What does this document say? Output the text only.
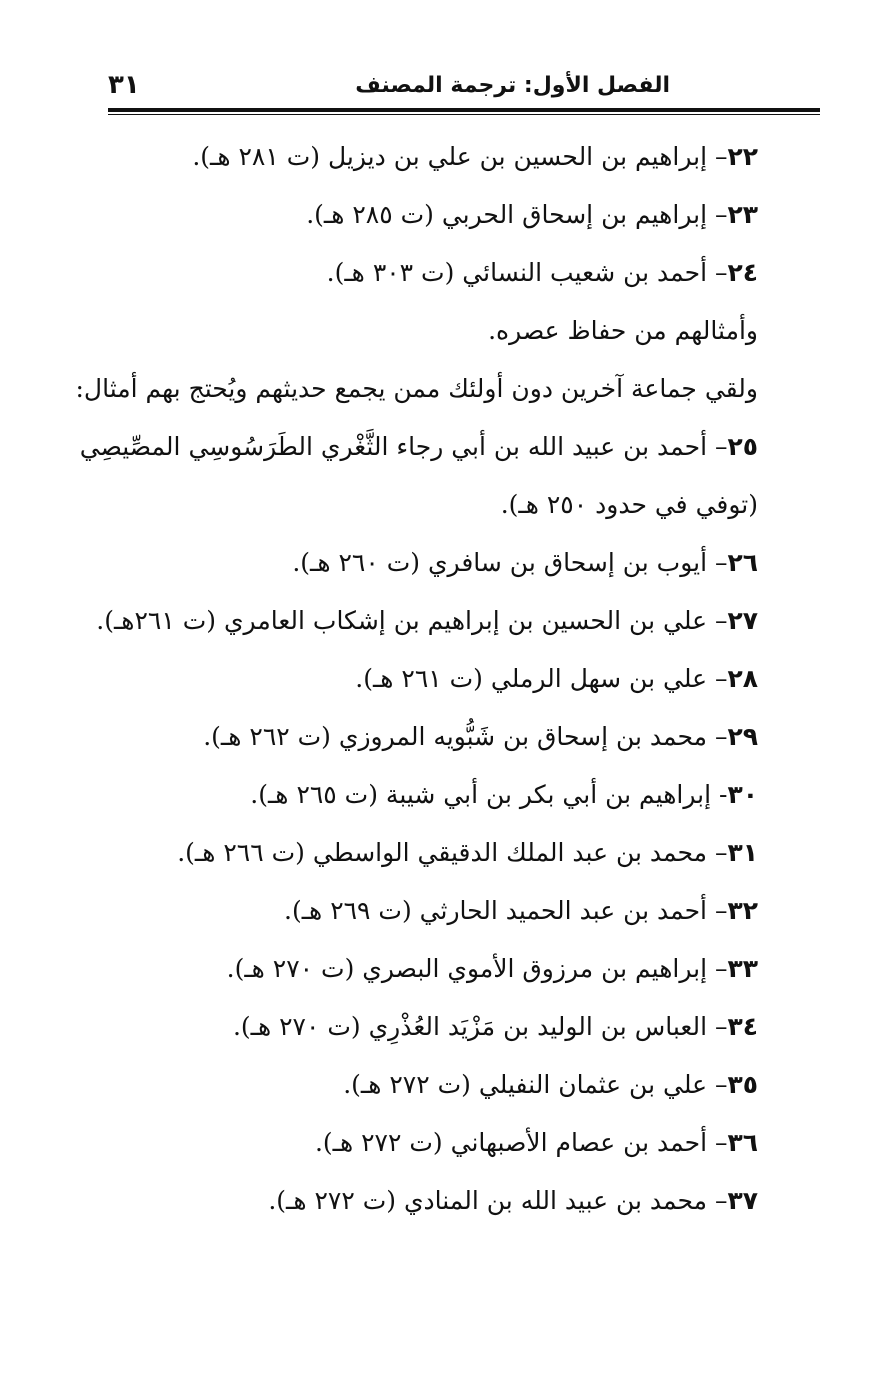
الفصل الأول: ترجمة المصنف
٣١
٢٢– إبراهيم بن الحسين بن علي بن ديزيل (ت ٢٨١ هـ).
٢٣– إبراهيم بن إسحاق الحربي (ت ٢٨٥ هـ).
٢٤– أحمد بن شعيب النسائي (ت ٣٠٣ هـ).
وأمثالهم من حفاظ عصره.
ولقي جماعة آخرين دون أولئك ممن يجمع حديثهم ويُحتج بهم أمثال:
٢٥– أحمد بن عبيد الله بن أبي رجاء الثَّغْري الطَرَسُوسِي المصِّيصِي
(توفي في حدود ٢٥٠ هـ).
٢٦– أيوب بن إسحاق بن سافري (ت ٢٦٠ هـ).
٢٧– علي بن الحسين بن إبراهيم بن إشكاب العامري (ت ٢٦١هـ).
٢٨– علي بن سهل الرملي (ت ٢٦١ هـ).
٢٩– محمد بن إسحاق بن شَبُّويه المروزي (ت ٢٦٢ هـ).
٣٠- إبراهيم بن أبي بكر بن أبي شيبة (ت ٢٦٥ هـ).
٣١– محمد بن عبد الملك الدقيقي الواسطي (ت ٢٦٦ هـ).
٣٢– أحمد بن عبد الحميد الحارثي (ت ٢٦٩ هـ).
٣٣– إبراهيم بن مرزوق الأموي البصري (ت ٢٧٠ هـ).
٣٤– العباس بن الوليد بن مَزْيَد العُذْرِي (ت ٢٧٠ هـ).
٣٥– علي بن عثمان النفيلي (ت ٢٧٢ هـ).
٣٦– أحمد بن عصام الأصبهاني (ت ٢٧٢ هـ).
٣٧– محمد بن عبيد الله بن المنادي (ت ٢٧٢ هـ).
